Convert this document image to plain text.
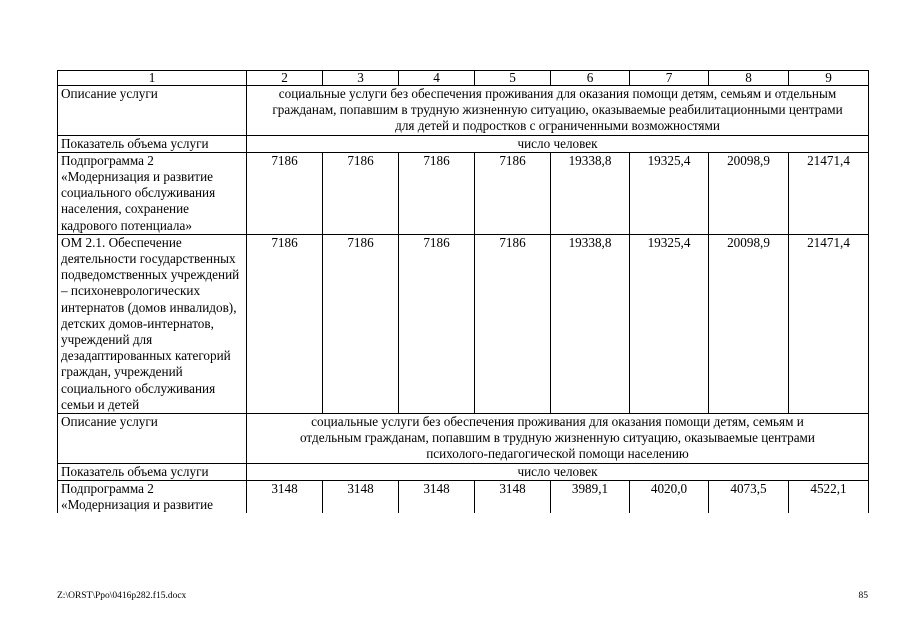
1	2	3	4	5	6	7	8	9
Описание услуги	социальные услуги без обеспечения проживания для оказания помощи детям, семьям и отдельным гражданам, попавшим в трудную жизненную ситуацию, оказываемые реабилитационными центрами для детей и подростков с ограниченными возможностями							
Показатель объема услуги	число человек							
Подпрограмма 2 «Модернизация и развитие социального обслуживания населения, сохранение кадрового потенциала»	7186	7186	7186	7186	19338,8	19325,4	20098,9	21471,4
ОМ 2.1. Обеспечение деятельности государственных подведомственных учреждений – психоневрологических интернатов (домов инвалидов), детских домов-интернатов, учреждений для дезадаптированных категорий граждан, учреждений социального обслуживания семьи и детей	7186	7186	7186	7186	19338,8	19325,4	20098,9	21471,4
Описание услуги	социальные услуги без обеспечения проживания для оказания помощи детям, семьям и отдельным гражданам, попавшим в трудную жизненную ситуацию, оказываемые центрами психолого-педагогической помощи населению							
Показатель объема услуги	число человек							
Подпрограмма 2 «Модернизация и развитие	3148	3148	3148	3148	3989,1	4020,0	4073,5	4522,1
Z:\ORST\Ppo\0416p282.f15.docx	85
